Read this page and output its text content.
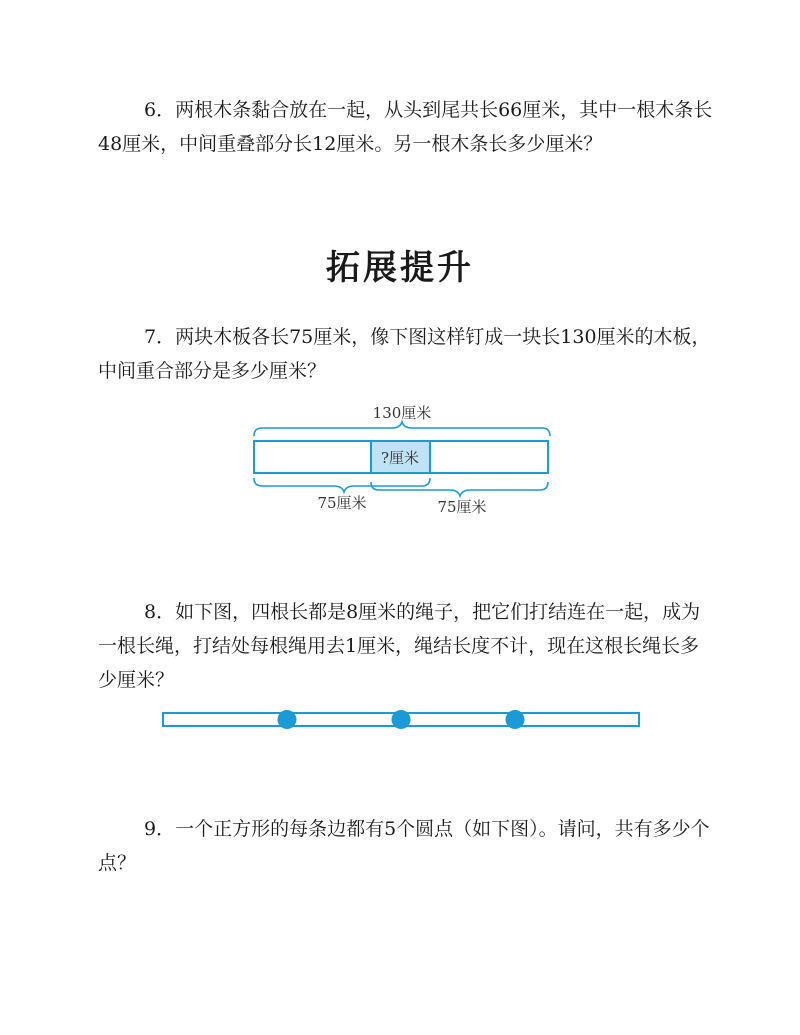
6．两根木条黏合放在一起，从头到尾共长66厘米，其中一根木条长48厘米，中间重叠部分长12厘米。另一根木条长多少厘米？

拓展提升

7．两块木板各长75厘米，像下图这样钉成一块长130厘米的木板，中间重合部分是多少厘米？

130厘米
?厘米
75厘米	75厘米

8．如下图，四根长都是8厘米的绳子，把它们打结连在一起，成为一根长绳，打结处每根绳用去1厘米，绳结长度不计，现在这根长绳长多少厘米？

9．一个正方形的每条边都有5个圆点（如下图）。请问，共有多少个点？
